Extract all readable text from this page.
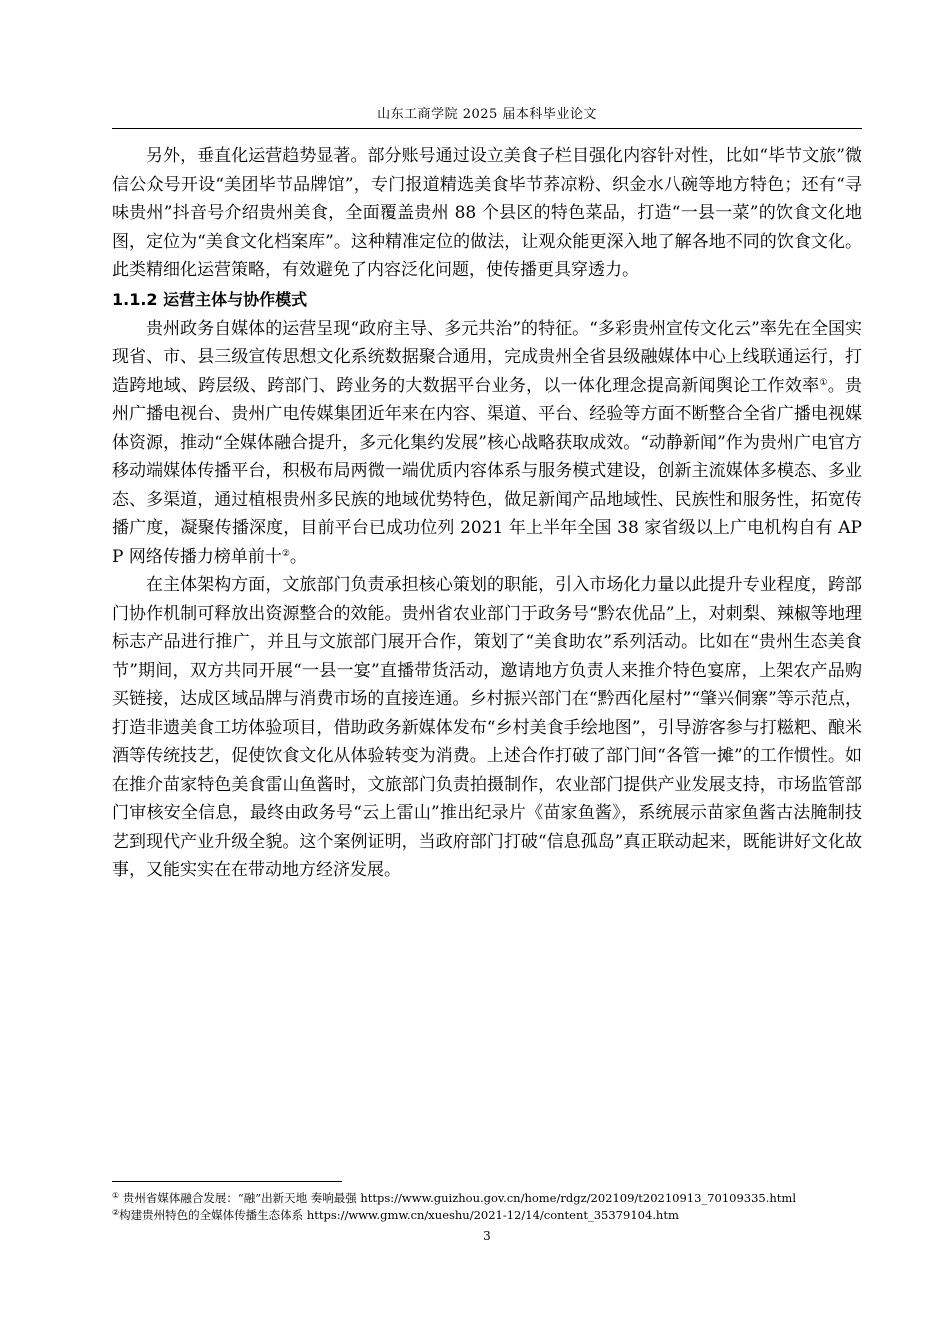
山东工商学院 2025 届本科毕业论文

另外，垂直化运营趋势显著。部分账号通过设立美食子栏目强化内容针对性，比如“毕节文旅”微信公众号开设“美团毕节品牌馆”，专门报道精选美食毕节荞凉粉、织金水八碗等地方特色；还有“寻味贵州”抖音号介绍贵州美食，全面覆盖贵州 88 个县区的特色菜品，打造“一县一菜”的饮食文化地图，定位为“美食文化档案库”。这种精准定位的做法，让观众能更深入地了解各地不同的饮食文化。此类精细化运营策略，有效避免了内容泛化问题，使传播更具穿透力。

1.1.2 运营主体与协作模式

贵州政务自媒体的运营呈现“政府主导、多元共治”的特征。“多彩贵州宣传文化云”率先在全国实现省、市、县三级宣传思想文化系统数据聚合通用，完成贵州全省县级融媒体中心上线联通运行，打造跨地域、跨层级、跨部门、跨业务的大数据平台业务，以一体化理念提高新闻舆论工作效率①。贵州广播电视台、贵州广电传媒集团近年来在内容、渠道、平台、经验等方面不断整合全省广播电视媒体资源，推动“全媒体融合提升，多元化集约发展”核心战略获取成效。“动静新闻”作为贵州广电官方移动端媒体传播平台，积极布局两微一端优质内容体系与服务模式建设，创新主流媒体多模态、多业态、多渠道，通过植根贵州多民族的地域优势特色，做足新闻产品地域性、民族性和服务性，拓宽传播广度，凝聚传播深度，目前平台已成功位列 2021 年上半年全国 38 家省级以上广电机构自有 APP 网络传播力榜单前十②。

在主体架构方面，文旅部门负责承担核心策划的职能，引入市场化力量以此提升专业程度，跨部门协作机制可释放出资源整合的效能。贵州省农业部门于政务号“黔农优品”上，对刺梨、辣椒等地理标志产品进行推广，并且与文旅部门展开合作，策划了“美食助农”系列活动。比如在“贵州生态美食节”期间，双方共同开展“一县一宴”直播带货活动，邀请地方负责人来推介特色宴席，上架农产品购买链接，达成区域品牌与消费市场的直接连通。乡村振兴部门在“黔西化屋村”“肇兴侗寨”等示范点，打造非遗美食工坊体验项目，借助政务新媒体发布“乡村美食手绘地图”，引导游客参与打糍粑、酿米酒等传统技艺，促使饮食文化从体验转变为消费。上述合作打破了部门间“各管一摊”的工作惯性。如在推介苗家特色美食雷山鱼酱时，文旅部门负责拍摄制作，农业部门提供产业发展支持，市场监管部门审核安全信息，最终由政务号“云上雷山”推出纪录片《苗家鱼酱》，系统展示苗家鱼酱古法腌制技艺到现代产业升级全貌。这个案例证明，当政府部门打破“信息孤岛”真正联动起来，既能讲好文化故事，又能实实在在带动地方经济发展。

① 贵州省媒体融合发展：“融”出新天地 奏响最强 https://www.guizhou.gov.cn/home/rdgz/202109/t20210913_70109335.html

②构建贵州特色的全媒体传播生态体系 https://www.gmw.cn/xueshu/2021-12/14/content_35379104.htm

3
